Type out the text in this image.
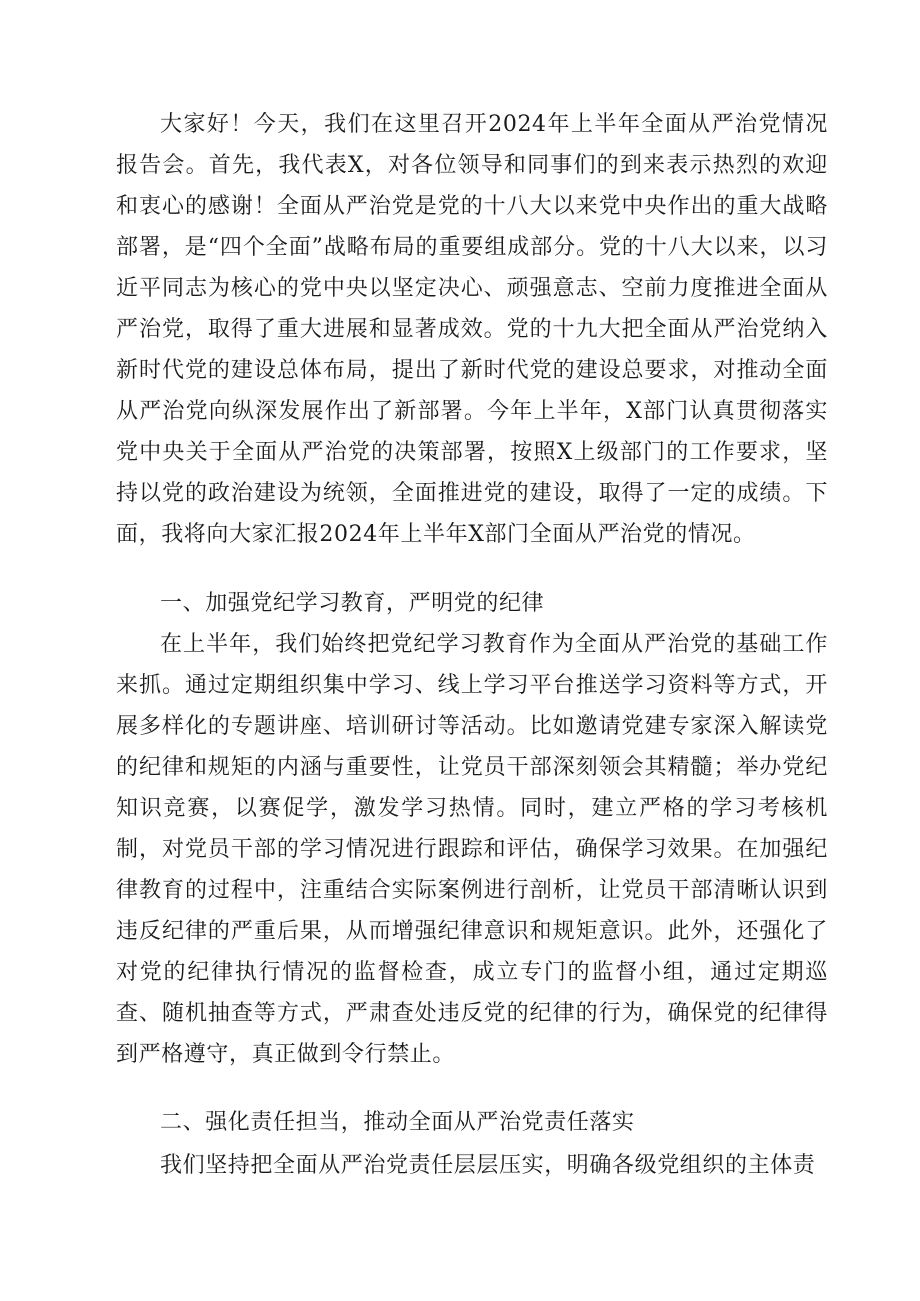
大家好！今天，我们在这里召开2024年上半年全面从严治党情况报告会。首先，我代表X，对各位领导和同事们的到来表示热烈的欢迎和衷心的感谢！全面从严治党是党的十八大以来党中央作出的重大战略部署，是“四个全面”战略布局的重要组成部分。党的十八大以来，以习近平同志为核心的党中央以坚定决心、顽强意志、空前力度推进全面从严治党，取得了重大进展和显著成效。党的十九大把全面从严治党纳入新时代党的建设总体布局，提出了新时代党的建设总要求，对推动全面从严治党向纵深发展作出了新部署。今年上半年，X部门认真贯彻落实党中央关于全面从严治党的决策部署，按照X上级部门的工作要求，坚持以党的政治建设为统领，全面推进党的建设，取得了一定的成绩。下面，我将向大家汇报2024年上半年X部门全面从严治党的情况。

一、加强党纪学习教育，严明党的纪律

在上半年，我们始终把党纪学习教育作为全面从严治党的基础工作来抓。通过定期组织集中学习、线上学习平台推送学习资料等方式，开展多样化的专题讲座、培训研讨等活动。比如邀请党建专家深入解读党的纪律和规矩的内涵与重要性，让党员干部深刻领会其精髓；举办党纪知识竞赛，以赛促学，激发学习热情。同时，建立严格的学习考核机制，对党员干部的学习情况进行跟踪和评估，确保学习效果。在加强纪律教育的过程中，注重结合实际案例进行剖析，让党员干部清晰认识到违反纪律的严重后果，从而增强纪律意识和规矩意识。此外，还强化了对党的纪律执行情况的监督检查，成立专门的监督小组，通过定期巡查、随机抽查等方式，严肃查处违反党的纪律的行为，确保党的纪律得到严格遵守，真正做到令行禁止。

二、强化责任担当，推动全面从严治党责任落实

我们坚持把全面从严治党责任层层压实，明确各级党组织的主体责
